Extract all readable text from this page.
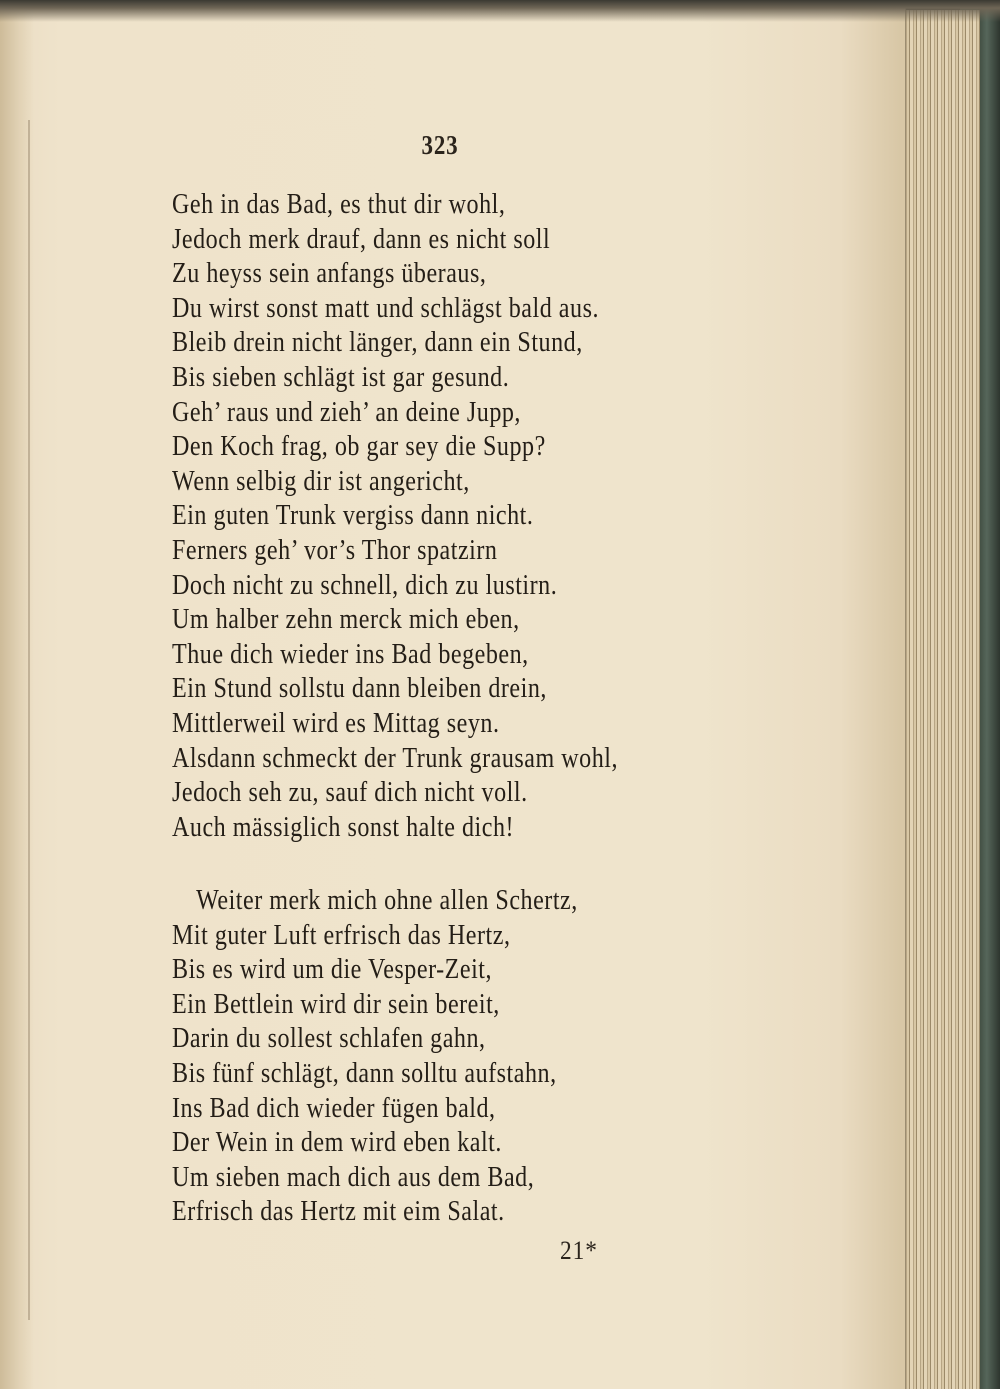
323
Geh in das Bad, es thut dir wohl,
Jedoch merk drauf, dann es nicht soll
Zu heyss sein anfangs überaus,
Du wirst sonst matt und schlägst bald aus.
Bleib drein nicht länger, dann ein Stund,
Bis sieben schlägt ist gar gesund.
Geh’ raus und zieh’ an deine Jupp,
Den Koch frag, ob gar sey die Supp?
Wenn selbig dir ist angericht,
Ein guten Trunk vergiss dann nicht.
Ferners geh’ vor’s Thor spatzirn
Doch nicht zu schnell, dich zu lustirn.
Um halber zehn merck mich eben,
Thue dich wieder ins Bad begeben,
Ein Stund sollstu dann bleiben drein,
Mittlerweil wird es Mittag seyn.
Alsdann schmeckt der Trunk grausam wohl,
Jedoch seh zu, sauf dich nicht voll.
Auch mässiglich sonst halte dich!
Weiter merk mich ohne allen Schertz,
Mit guter Luft erfrisch das Hertz,
Bis es wird um die Vesper-Zeit,
Ein Bettlein wird dir sein bereit,
Darin du sollest schlafen gahn,
Bis fünf schlägt, dann solltu aufstahn,
Ins Bad dich wieder fügen bald,
Der Wein in dem wird eben kalt.
Um sieben mach dich aus dem Bad,
Erfrisch das Hertz mit eim Salat.
21*
